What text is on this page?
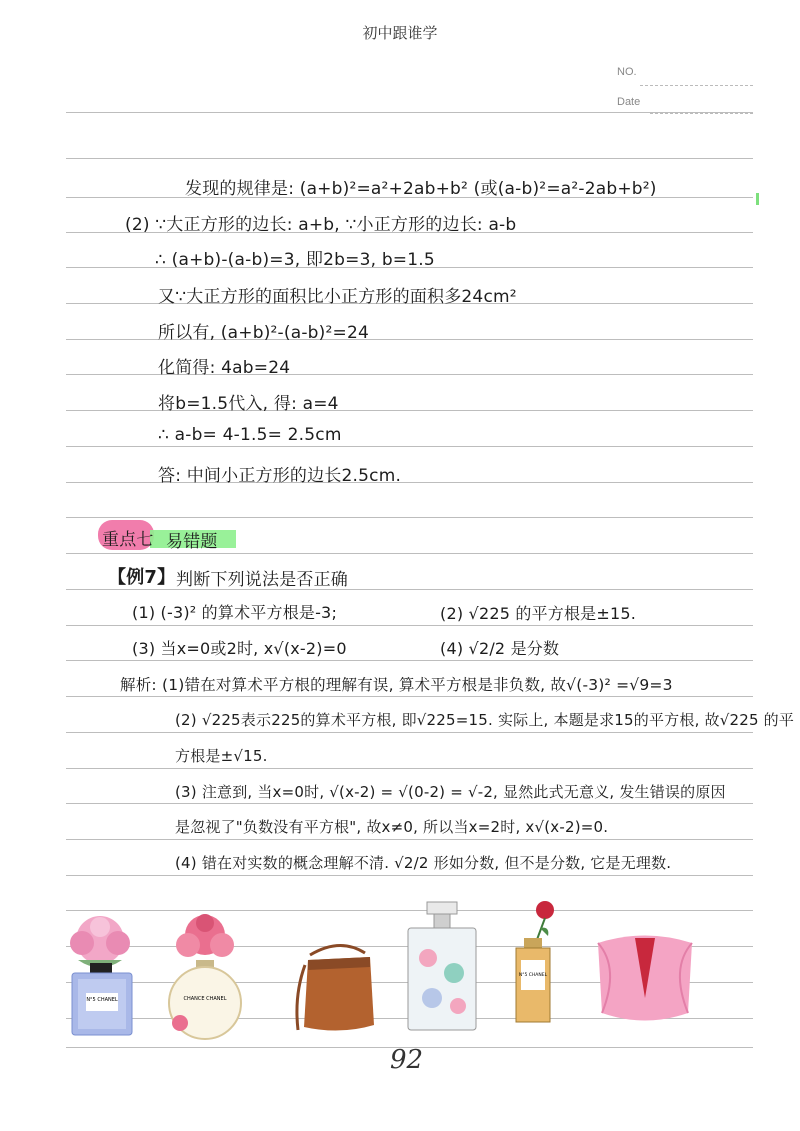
初中跟谁学
NO.
Date
发现的规律是: (a+b)²=a²+2ab+b² (或(a-b)²=a²-2ab+b²)
(2) ∵大正方形的边长: a+b, ∵小正方形的边长: a-b
∴ (a+b)-(a-b)=3, 即2b=3, b=1.5
又∵大正方形的面积比小正方形的面积多24cm²
所以有, (a+b)²-(a-b)²=24
化简得: 4ab=24
将b=1.5代入, 得: a=4
∴ a-b= 4-1.5= 2.5cm
答: 中间小正方形的边长2.5cm.
重点七 易错题
【例7】 判断下列说法是否正确
(1) (-3)² 的算术平方根是-3;	(2) √225 的平方根是±15.
(3) 当x=0或2时, x√(x-2)=0	(4) √2/2 是分数
解析: (1)错在对算术平方根的理解有误, 算术平方根是非负数, 故√(-3)² =√9=3
(2) √225表示225的算术平方根, 即√225=15. 实际上, 本题是求15的平方根, 故√225 的平
方根是±√15.
(3) 注意到, 当x=0时, √(x-2) = √(0-2) = √-2, 显然此式无意义, 发生错误的原因
是忽视了"负数没有平方根", 故x≠0, 所以当x=2时, x√(x-2)=0.
(4) 错在对实数的概念理解不清. √2/2 形如分数, 但不是分数, 它是无理数.
N°5 CHANEL	CHANCE CHANEL
N°5 CHANEL
92
